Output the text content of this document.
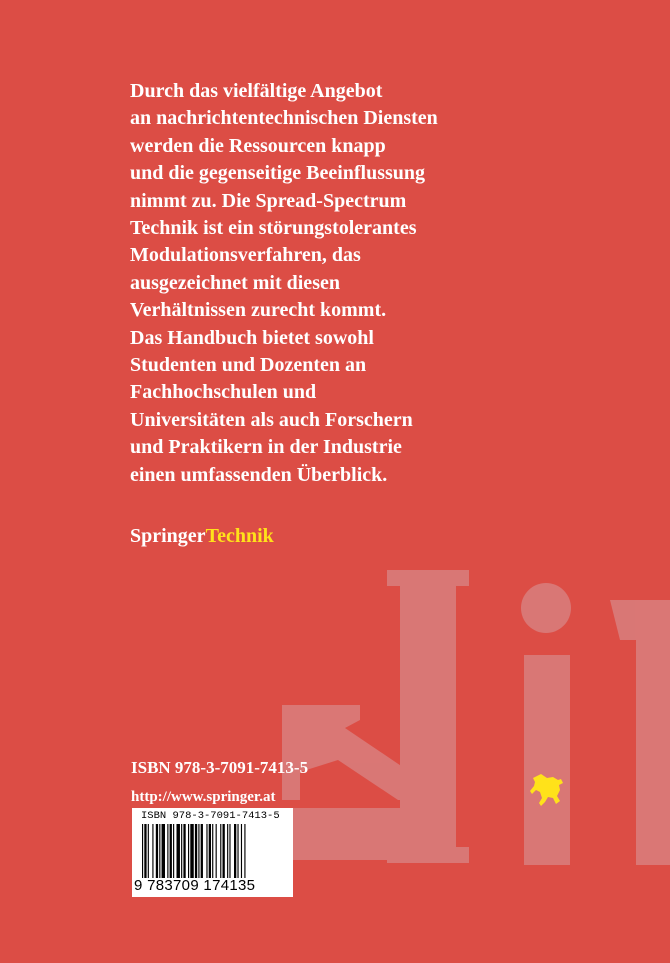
Durch das vielfältige Angebot
an nachrichtentechnischen Diensten
werden die Ressourcen knapp
und die gegenseitige Beeinflussung
nimmt zu. Die Spread-Spectrum
Technik ist ein störungstolerantes
Modulationsverfahren, das
ausgezeichnet mit diesen
Verhältnissen zurecht kommt.
Das Handbuch bietet sowohl
Studenten und Dozenten an
Fachhochschulen und
Universitäten als auch Forschern
und Praktikern in der Industrie
einen umfassenden Überblick.

SpringerTechnik
ISBN 978-3-7091-7413-5
http://www.springer.at
ISBN 978-3-7091-7413-5
9 783709 174135
